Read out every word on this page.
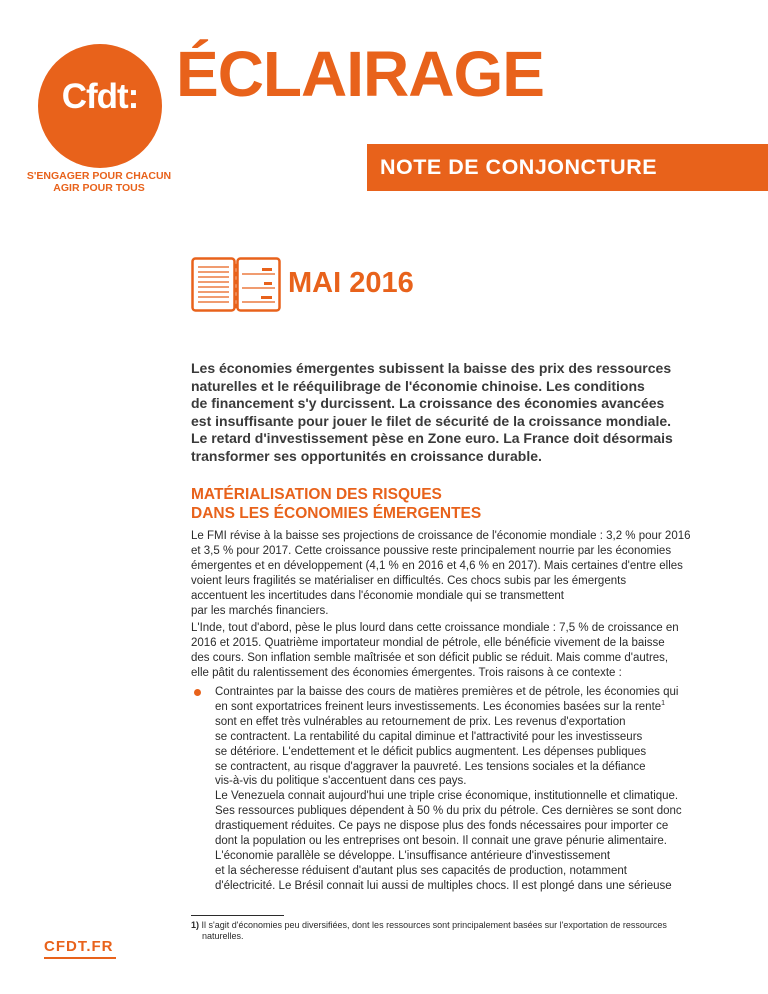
Cfdt:
S'ENGAGER POUR CHACUN
AGIR POUR TOUS
ÉCLAIRAGE
NOTE DE CONJONCTURE
MAI 2016
Les économies émergentes subissent la baisse des prix des ressources
naturelles et le rééquilibrage de l'économie chinoise. Les conditions
de financement s'y durcissent. La croissance des économies avancées
est insuffisante pour jouer le filet de sécurité de la croissance mondiale.
Le retard d'investissement pèse en Zone euro. La France doit désormais
transformer ses opportunités en croissance durable.
MATÉRIALISATION DES RISQUES
DANS LES ÉCONOMIES ÉMERGENTES
Le FMI révise à la baisse ses projections de croissance de l'économie mondiale : 3,2 % pour 2016
et 3,5 % pour 2017. Cette croissance poussive reste principalement nourrie par les économies
émergentes et en développement (4,1 % en 2016 et 4,6 % en 2017). Mais certaines d'entre elles
voient leurs fragilités se matérialiser en difficultés. Ces chocs subis par les émergents
accentuent les incertitudes dans l'économie mondiale qui se transmettent
par les marchés financiers.
L'Inde, tout d'abord, pèse le plus lourd dans cette croissance mondiale : 7,5 % de croissance en
2016 et 2015. Quatrième importateur mondial de pétrole, elle bénéficie vivement de la baisse
des cours. Son inflation semble maîtrisée et son déficit public se réduit. Mais comme d'autres,
elle pâtit du ralentissement des économies émergentes. Trois raisons à ce contexte :
Contraintes par la baisse des cours de matières premières et de pétrole, les économies qui
en sont exportatrices freinent leurs investissements. Les économies basées sur la rente$^1$
sont en effet très vulnérables au retournement de prix. Les revenus d'exportation
se contractent. La rentabilité du capital diminue et l'attractivité pour les investisseurs
se détériore. L'endettement et le déficit publics augmentent. Les dépenses publiques
se contractent, au risque d'aggraver la pauvreté. Les tensions sociales et la défiance
vis-à-vis du politique s'accentuent dans ces pays.
Le Venezuela connait aujourd'hui une triple crise économique, institutionnelle et climatique.
Ses ressources publiques dépendent à 50 % du prix du pétrole. Ces dernières se sont donc
drastiquement réduites. Ce pays ne dispose plus des fonds nécessaires pour importer ce
dont la population ou les entreprises ont besoin. Il connait une grave pénurie alimentaire.
L'économie parallèle se développe. L'insuffisance antérieure d'investissement
et la sécheresse réduisent d'autant plus ses capacités de production, notamment
d'électricité. Le Brésil connait lui aussi de multiples chocs. Il est plongé dans une sérieuse
1) Il s'agit d'économies peu diversifiées, dont les ressources sont principalement basées sur l'exportation de ressources
naturelles.
CFDT.FR
